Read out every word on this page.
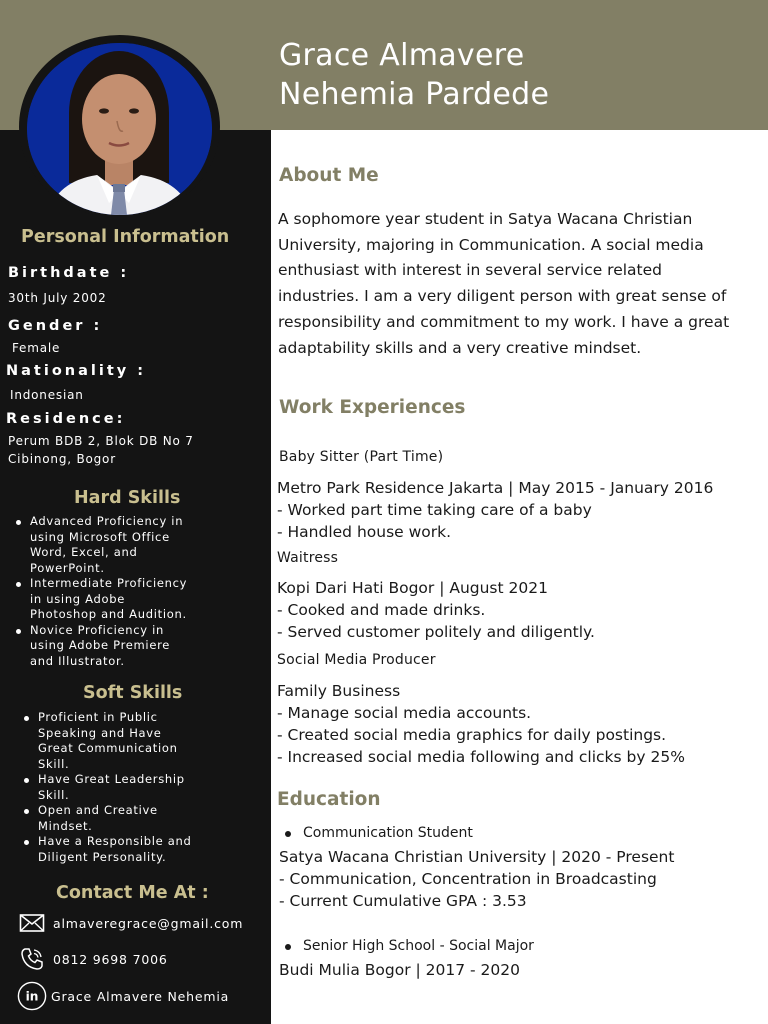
Grace Almavere
Nehemia Pardede
Personal Information
Birthdate :
30th July 2002
Gender :
Female
Nationality :
Indonesian
Residence:
Perum BDB 2, Blok DB No 7
Cibinong, Bogor
Hard Skills
Advanced Proficiency in
using Microsoft Office
Word, Excel, and
PowerPoint.
Intermediate Proficiency
in using Adobe
Photoshop and Audition.
Novice Proficiency in
using Adobe Premiere
and Illustrator.
Soft Skills
Proficient in Public
Speaking and Have
Great Communication
Skill.
Have Great Leadership
Skill.
Open and Creative
Mindset.
Have a Responsible and
Diligent Personality.
Contact Me At :
almaveregrace@gmail.com
0812 9698 7006
in Grace Almavere Nehemia
About Me
A sophomore year student in Satya Wacana Christian University, majoring in Communication. A social media enthusiast with interest in several service related industries. I am a very diligent person with great sense of responsibility and commitment to my work. I have a great adaptability skills and a very creative mindset.
Work Experiences
Baby Sitter (Part Time)
Metro Park Residence Jakarta | May 2015 - January 2016
- Worked part time taking care of a baby
- Handled house work.
Waitress
Kopi Dari Hati Bogor | August 2021
- Cooked and made drinks.
- Served customer politely and diligently.
Social Media Producer
Family Business
- Manage social media accounts.
- Created social media graphics for daily postings.
- Increased social media following and clicks by 25%
Education
Communication Student
Satya Wacana Christian University | 2020 - Present
- Communication, Concentration in Broadcasting
- Current Cumulative GPA : 3.53
Senior High School - Social Major
Budi Mulia Bogor | 2017 - 2020
